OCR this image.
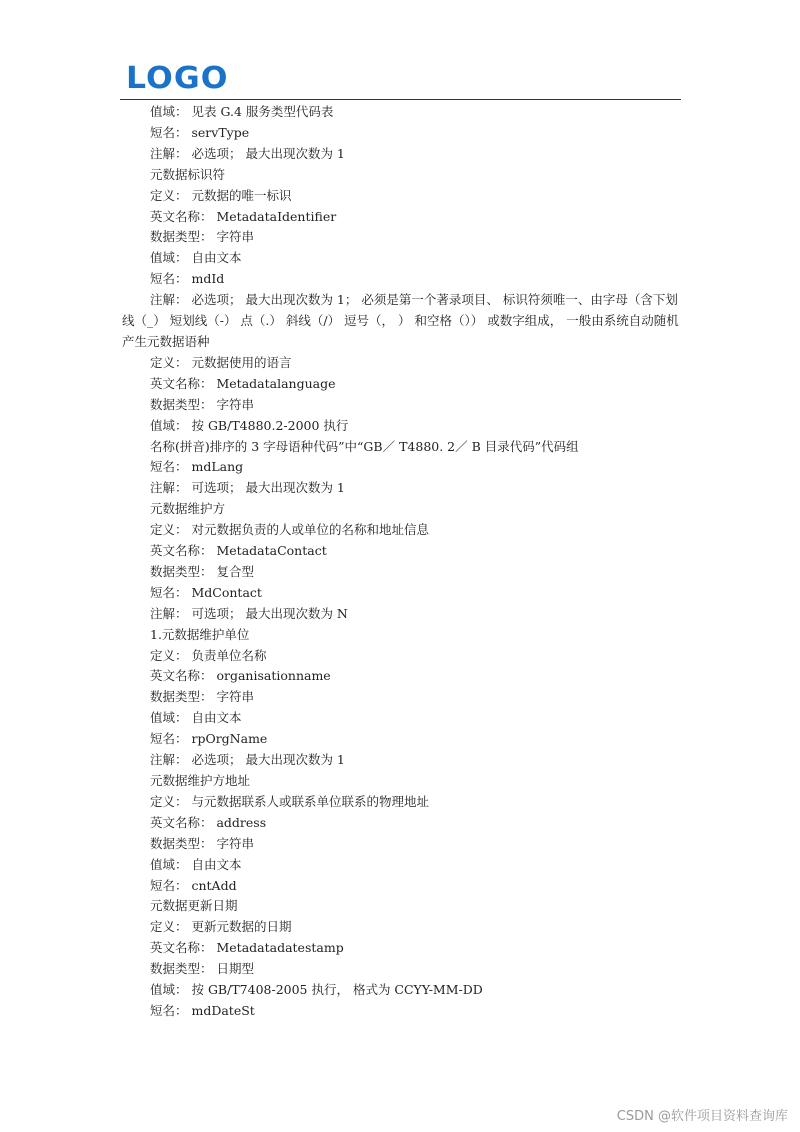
LOGO
值域： 见表 G.4 服务类型代码表
短名： servType
注解： 必选项； 最大出现次数为 1
元数据标识符
定义： 元数据的唯一标识
英文名称： MetadataIdentifier
数据类型： 字符串
值域： 自由文本
短名： mdId
注解： 必选项； 最大出现次数为 1； 必须是第一个著录项目、 标识符须唯一、由字母（含下划线（_） 短划线（-） 点（.） 斜线（/） 逗号（， ） 和空格（）） 或数字组成， 一般由系统自动随机产生元数据语种
定义： 元数据使用的语言
英文名称： Metadatalanguage
数据类型： 字符串
值域： 按 GB/T4880.2-2000 执行
名称(拼音)排序的 3 字母语种代码”中“GB／ T4880. 2／ B 目录代码”代码组
短名： mdLang
注解： 可选项； 最大出现次数为 1
元数据维护方
定义： 对元数据负责的人或单位的名称和地址信息
英文名称： MetadataContact
数据类型： 复合型
短名： MdContact
注解： 可选项； 最大出现次数为 N
1.元数据维护单位
定义： 负责单位名称
英文名称： organisationname
数据类型： 字符串
值域： 自由文本
短名： rpOrgName
注解： 必选项； 最大出现次数为 1
元数据维护方地址
定义： 与元数据联系人或联系单位联系的物理地址
英文名称： address
数据类型： 字符串
值域： 自由文本
短名： cntAdd
元数据更新日期
定义： 更新元数据的日期
英文名称： Metadatadatestamp
数据类型： 日期型
值域： 按 GB/T7408-2005 执行， 格式为 CCYY-MM-DD
短名： mdDateSt
CSDN @软件项目资料查询库
